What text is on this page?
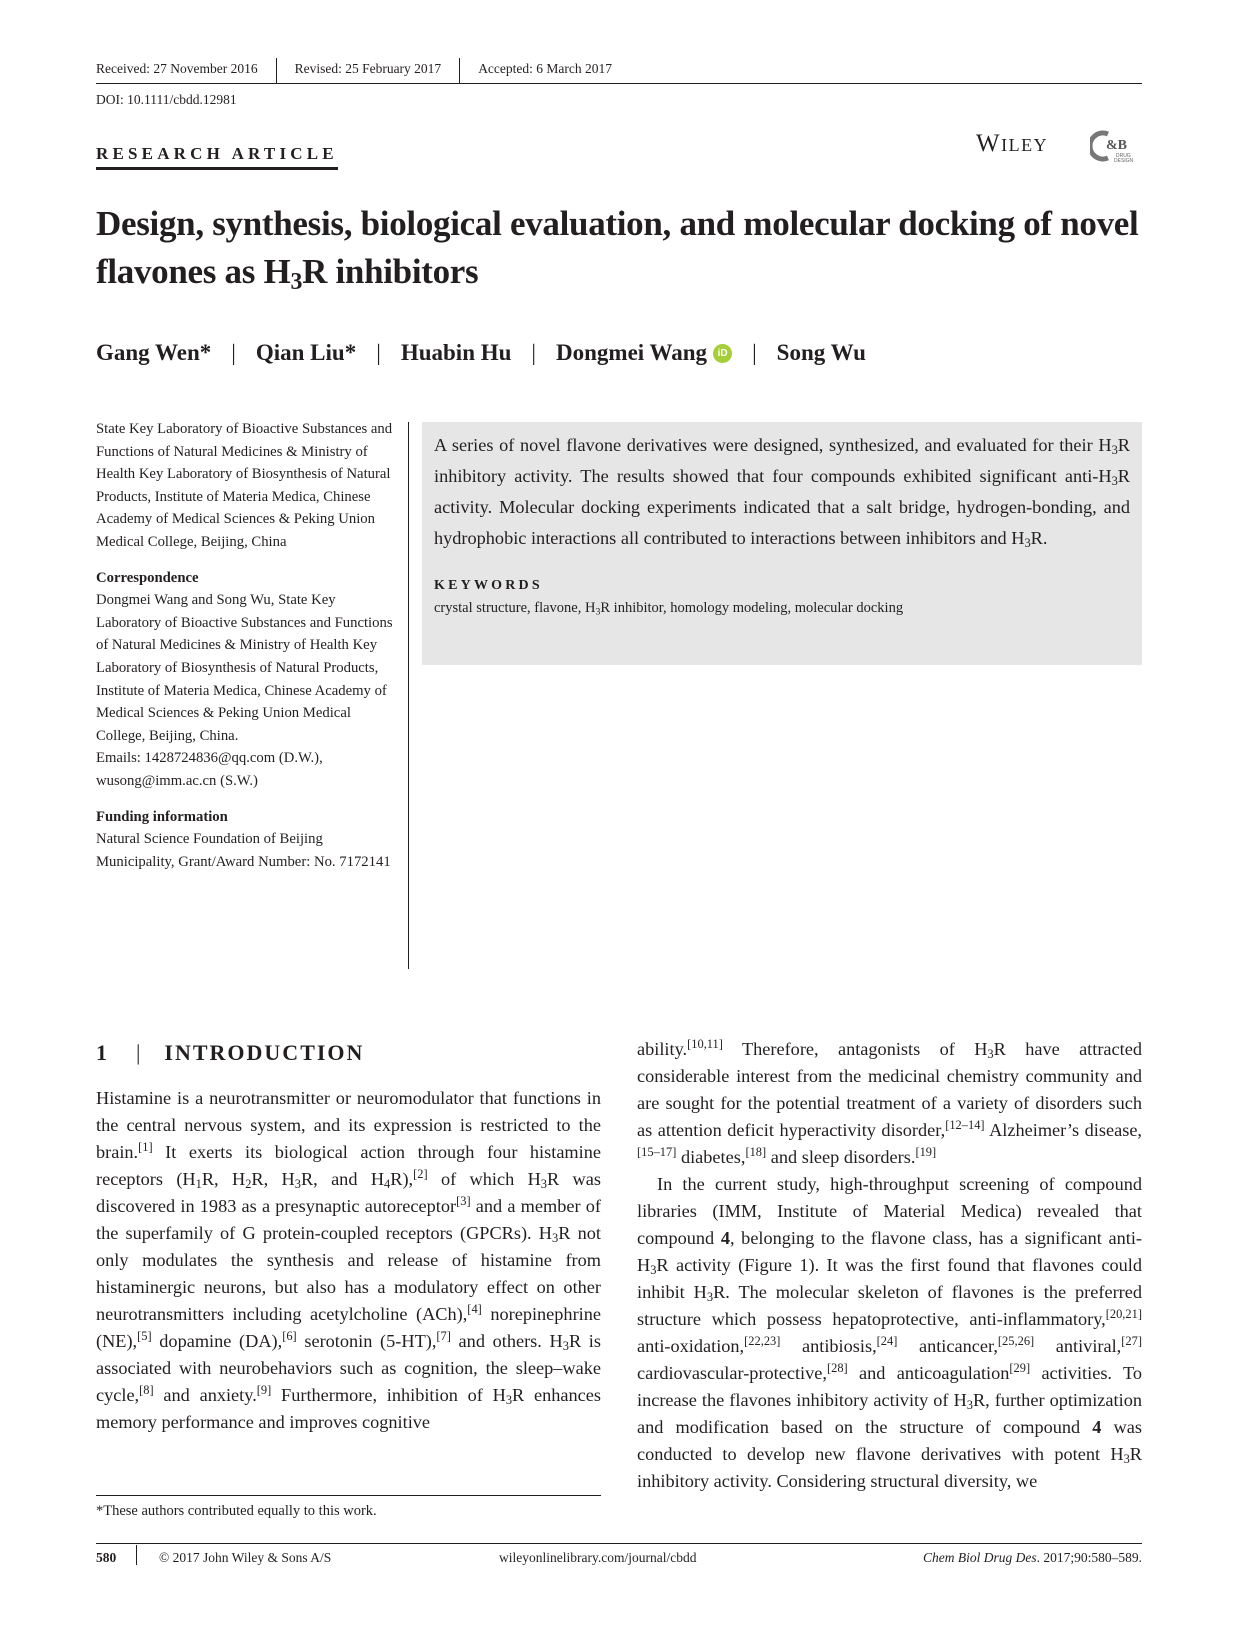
Received: 27 November 2016	Revised: 25 February 2017	Accepted: 6 March 2017
DOI: 10.1111/cbdd.12981
RESEARCH ARTICLE	Wiley	&B
DRUG
DESIGN
Design, synthesis, biological evaluation, and molecular docking of novel flavones as $H_3R$ inhibitors
Gang Wen* | Qian Liu* | Huabin Hu | Dongmei Wang	iD | Song Wu

State Key Laboratory of Bioactive Substances and Functions of Natural Medicines & Ministry of Health Key Laboratory of Biosynthesis of Natural Products, Institute of Materia Medica, Chinese Academy of Medical Sciences & Peking Union Medical College, Beijing, China

Correspondence
Dongmei Wang and Song Wu, State Key Laboratory of Bioactive Substances and Functions of Natural Medicines & Ministry of Health Key Laboratory of Biosynthesis of Natural Products, Institute of Materia Medica, Chinese Academy of Medical Sciences & Peking Union Medical College, Beijing, China.
Emails: 1428724836@qq.com (D.W.), wusong@imm.ac.cn (S.W.)

Funding information
Natural Science Foundation of Beijing Municipality, Grant/Award Number: No. 7172141

A series of novel flavone derivatives were designed, synthesized, and evaluated for their $H_3R$ inhibitory activity. The results showed that four compounds exhibited significant anti-$H_3R$ activity. Molecular docking experiments indicated that a salt bridge, hydrogen-bonding, and hydrophobic interactions all contributed to interactions between inhibitors and $H_3R$.

KEYWORDS
crystal structure, flavone, $H_3R$ inhibitor, homology modeling, molecular docking
1	| INTRODUCTION

Histamine is a neurotransmitter or neuromodulator that functions in the central nervous system, and its expression is restricted to the brain.[1] It exerts its biological action through four histamine receptors ($H_1R$, $H_2R$, $H_3R$, and $H_4R),[2]$ of which $H_3R$ was discovered in 1983 as a presynaptic autoreceptor[3] and a member of the superfamily of G protein-coupled receptors (GPCRs). $H_3R$ not only modulates the synthesis and release of histamine from histaminergic neurons, but also has a modulatory effect on other neurotransmitters including acetylcholine (ACh),[4] norepinephrine (NE),[5] dopamine (DA),[6] serotonin (5-HT),[7] and others. $H_3R$ is associated with neurobehaviors such as cognition, the sleep–wake cycle,[8] and anxiety.[9] Furthermore, inhibition of $H_3R$ enhances memory performance and improves cognitive

ability.[10,11] Therefore, antagonists of $H_3R$ have attracted considerable interest from the medicinal chemistry community and are sought for the potential treatment of a variety of disorders such as attention deficit hyperactivity disorder,[12–14] Alzheimer’s disease,[15–17] diabetes,[18] and sleep disorders.[19]

In the current study, high-throughput screening of compound libraries (IMM, Institute of Material Medica) revealed that compound 4, belonging to the flavone class, has a significant anti-$H_3R$ activity (Figure 1). It was the first found that flavones could inhibit $H_3R$. The molecular skeleton of flavones is the preferred structure which possess hepatoprotective, anti-inflammatory,[20,21] anti-oxidation,[22,23] antibiosis,[24] anticancer,[25,26] antiviral,[27] cardiovascular-protective,[28] and anticoagulation[29] activities. To increase the flavones inhibitory activity of $H_3R$, further optimization and modification based on the structure of compound 4 was conducted to develop new flavone derivatives with potent $H_3R$ inhibitory activity. Considering structural diversity, we

*These authors contributed equally to this work.
580	© 2017 John Wiley & Sons A/S	wileyonlinelibrary.com/journal/cbdd	Chem Biol Drug Des. 2017;90:580–589.
